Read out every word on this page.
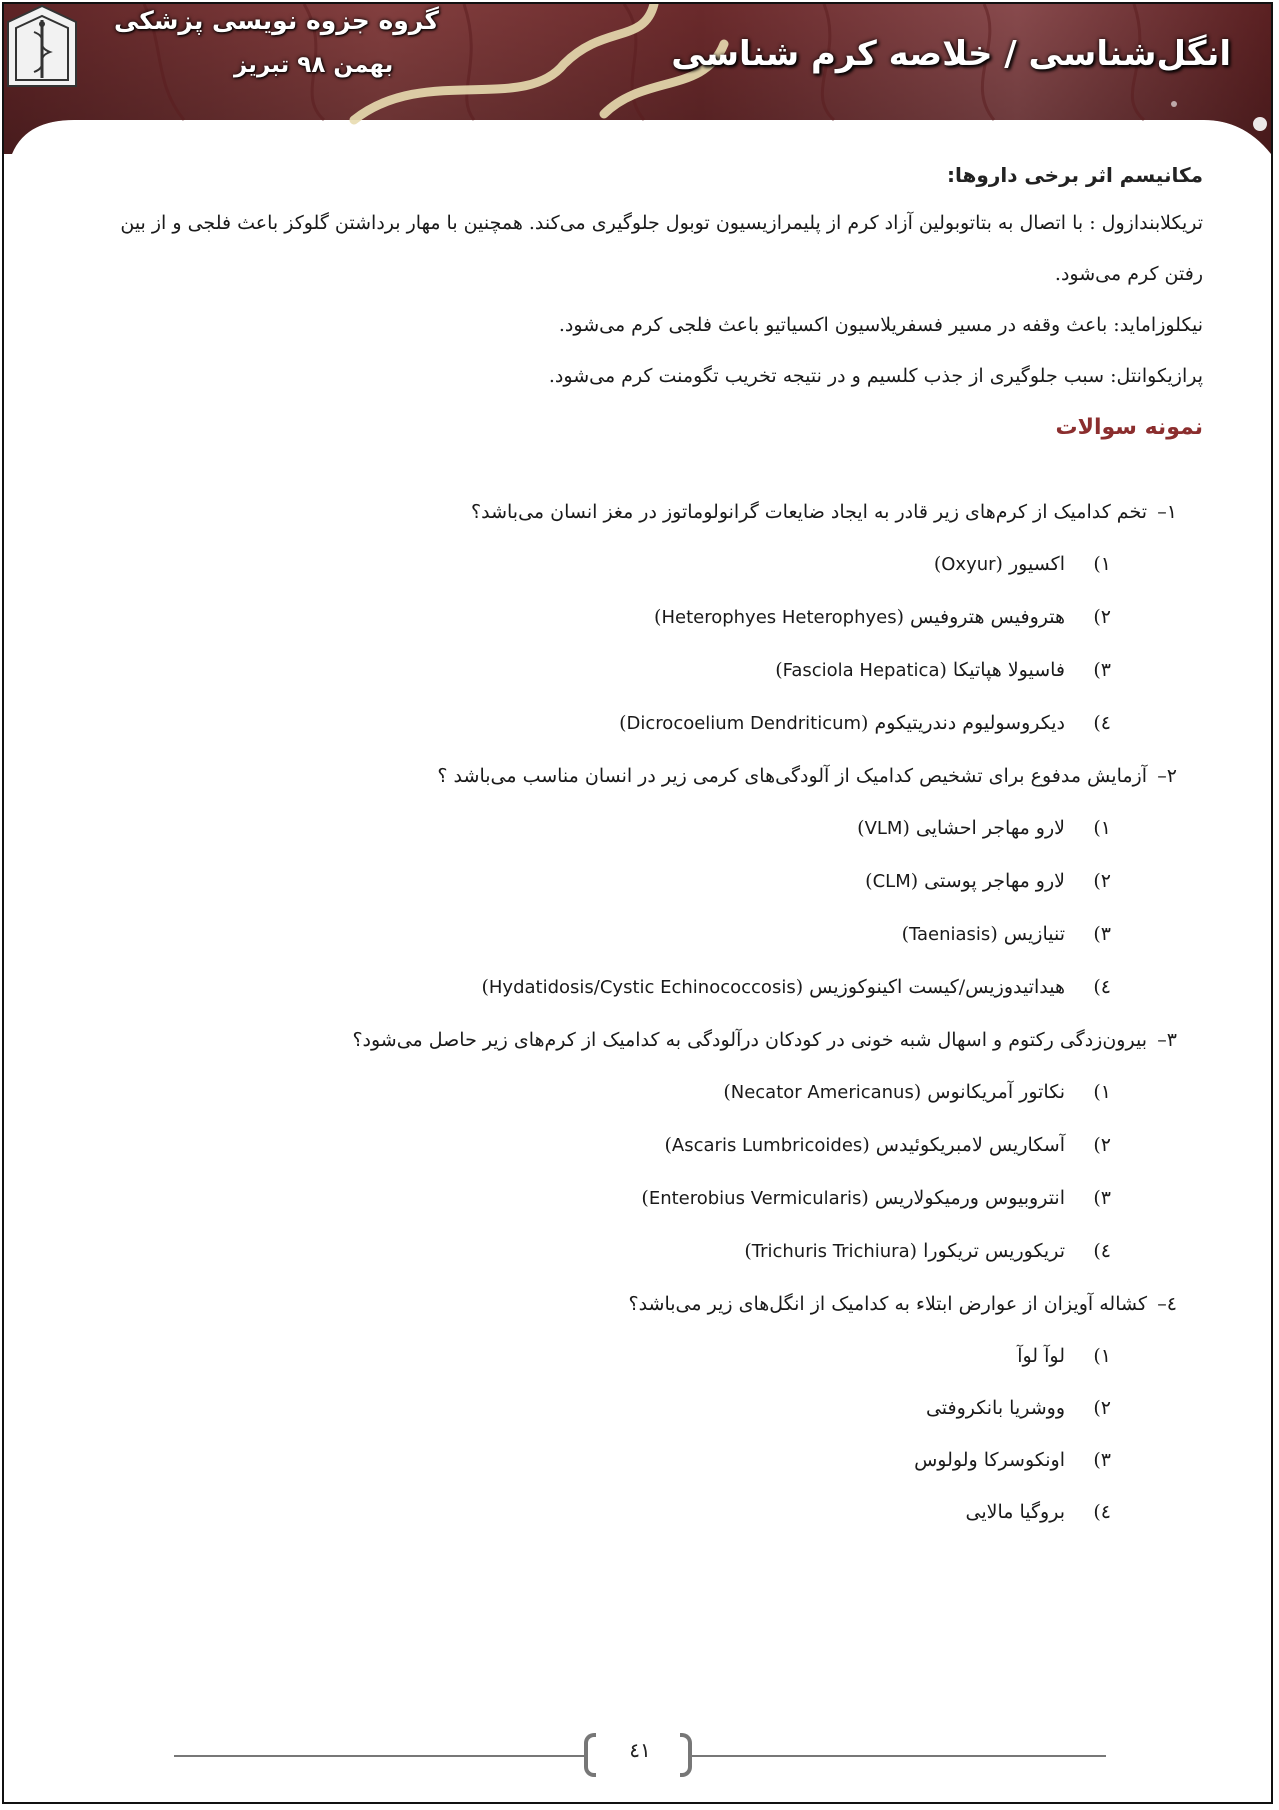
انگل‌شناسی / خلاصه کرم شناسی
گروه جزوه نویسی پزشکی
بهمن ۹۸ تبریز
مکانیسم اثر برخی داروها:

تریکلابندازول : با اتصال به بتاتوبولین آزاد کرم از پلیمرازیسیون توبول جلوگیری می‌کند. همچنین با مهار برداشتن گلوکز باعث فلجی و از بین

رفتن کرم می‌شود.

نیکلوزاماید: باعث وقفه در مسیر فسفریلاسیون اکسیاتیو باعث فلجی کرم می‌شود.

پرازیکوانتل: سبب جلوگیری از جذب کلسیم و در نتیجه تخریب تگومنت کرم می‌شود.

نمونه سوالات
۱–
تخم کدامیک از کرم‌های زیر قادر به ایجاد ضایعات گرانولوماتوز در مغز انسان می‌باشد؟
۱)
اکسیور (Oxyur)
۲)
هتروفیس هتروفیس (Heterophyes Heterophyes)
۳)
فاسیولا هپاتیکا (Fasciola Hepatica)
٤)
دیکروسولیوم دندریتیکوم (Dicrocoelium Dendriticum)
۲–
آزمایش مدفوع برای تشخیص کدامیک از آلودگی‌های کرمی زیر در انسان مناسب می‌باشد ؟
۱)
لارو مهاجر احشایی (VLM)
۲)
لارو مهاجر پوستی (CLM)
۳)
تنیازیس (Taeniasis)
٤)
هیداتیدوزیس/کیست اکینوکوزیس (Hydatidosis/Cystic Echinococcosis)
۳–
بیرون‌زدگی رکتوم و اسهال شبه خونی در کودکان درآلودگی به کدامیک از کرم‌های زیر حاصل می‌شود؟
۱)
نکاتور آمریکانوس (Necator Americanus)
۲)
آسکاریس لامبریکوئیدس (Ascaris Lumbricoides)
۳)
انتروبیوس ورمیکولاریس (Enterobius Vermicularis)
٤)
تریکوریس تریکورا (Trichuris Trichiura)
٤–
کشاله آویزان از عوارض ابتلاء به کدامیک از انگل‌های زیر می‌باشد؟
۱)
لوآ لوآ
۲)
ووشریا بانکروفتی
۳)
اونکوسرکا ولولوس
٤)
بروگیا مالایی
٤١
